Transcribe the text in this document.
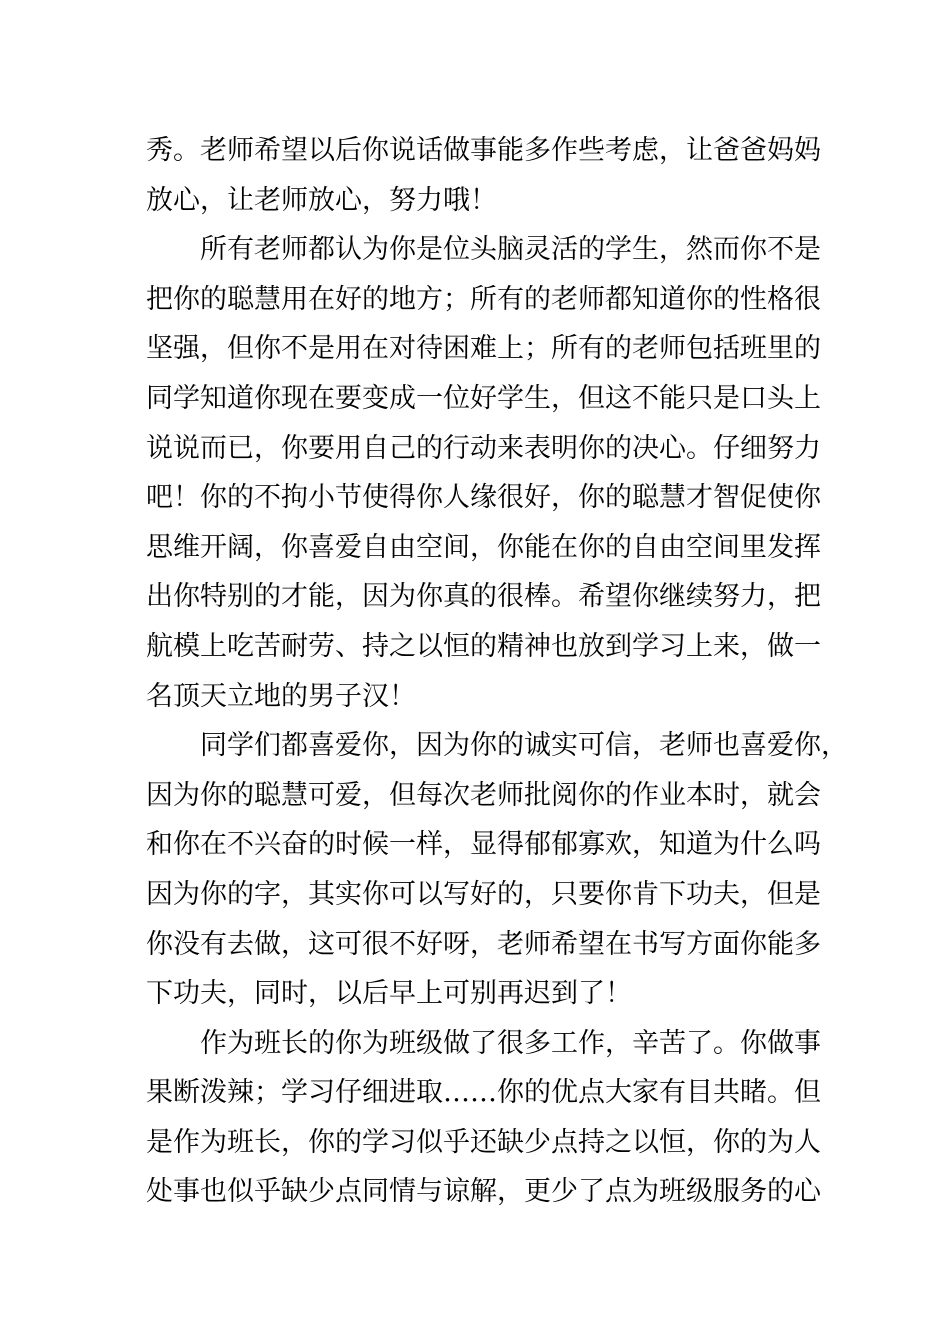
秀。老师希望以后你说话做事能多作些考虑，让爸爸妈妈
放心，让老师放心，努力哦！
所有老师都认为你是位头脑灵活的学生，然而你不是
把你的聪慧用在好的地方；所有的老师都知道你的性格很
坚强，但你不是用在对待困难上；所有的老师包括班里的
同学知道你现在要变成一位好学生，但这不能只是口头上
说说而已，你要用自己的行动来表明你的决心。仔细努力
吧！你的不拘小节使得你人缘很好，你的聪慧才智促使你
思维开阔，你喜爱自由空间，你能在你的自由空间里发挥
出你特别的才能，因为你真的很棒。希望你继续努力，把
航模上吃苦耐劳、持之以恒的精神也放到学习上来，做一
名顶天立地的男子汉！
同学们都喜爱你，因为你的诚实可信，老师也喜爱你，
因为你的聪慧可爱，但每次老师批阅你的作业本时，就会
和你在不兴奋的时候一样，显得郁郁寡欢，知道为什么吗
因为你的字，其实你可以写好的，只要你肯下功夫，但是
你没有去做，这可很不好呀，老师希望在书写方面你能多
下功夫，同时，以后早上可别再迟到了！
作为班长的你为班级做了很多工作，辛苦了。你做事
果断泼辣；学习仔细进取……你的优点大家有目共睹。但
是作为班长，你的学习似乎还缺少点持之以恒，你的为人
处事也似乎缺少点同情与谅解，更少了点为班级服务的心
